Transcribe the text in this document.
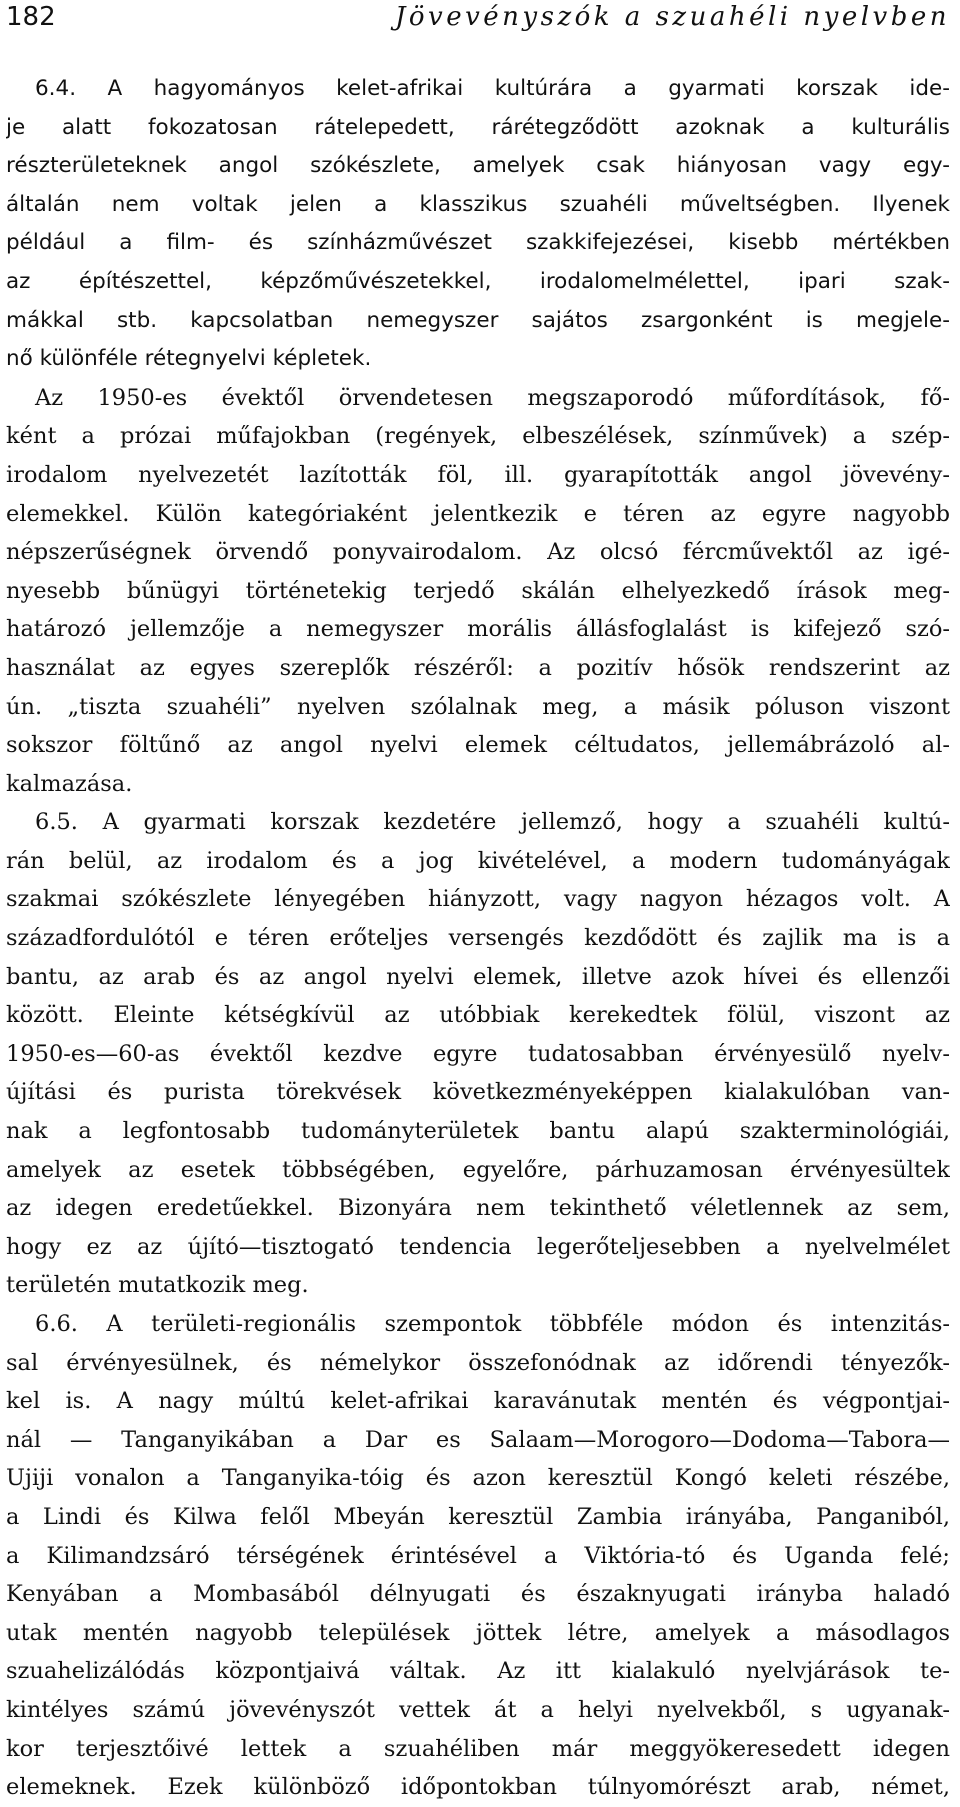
182	Jövevényszók a szuahéli nyelvben
6.4. A hagyományos kelet-afrikai kultúrára a gyarmati korszak ide-
je alatt fokozatosan rátelepedett, rárétegződött azoknak a kulturális
részterületeknek angol szókészlete, amelyek csak hiányosan vagy egy-
általán nem voltak jelen a klasszikus szuahéli műveltségben. Ilyenek
például a film- és színházművészet szakkifejezései, kisebb mértékben
az építészettel, képzőművészetekkel, irodalomelmélettel, ipari szak-
mákkal stb. kapcsolatban nemegyszer sajátos zsargonként is megjele-
nő különféle rétegnyelvi képletek.
Az 1950-es évektől örvendetesen megszaporodó műfordítások, fő-
ként a prózai műfajokban (regények, elbeszélések, színművek) a szép-
irodalom nyelvezetét lazították föl, ill. gyarapították angol jövevény-
elemekkel. Külön kategóriaként jelentkezik e téren az egyre nagyobb
népszerűségnek örvendő ponyvairodalom. Az olcsó fércművektől az igé-
nyesebb bűnügyi történetekig terjedő skálán elhelyezkedő írások meg-
határozó jellemzője a nemegyszer morális állásfoglalást is kifejező szó-
használat az egyes szereplők részéről: a pozitív hősök rendszerint az
ún. „tiszta szuahéli” nyelven szólalnak meg, a másik póluson viszont
sokszor föltűnő az angol nyelvi elemek céltudatos, jellemábrázoló al-
kalmazása.
6.5. A gyarmati korszak kezdetére jellemző, hogy a szuahéli kultú-
rán belül, az irodalom és a jog kivételével, a modern tudományágak
szakmai szókészlete lényegében hiányzott, vagy nagyon hézagos volt. A
századfordulótól e téren erőteljes versengés kezdődött és zajlik ma is a
bantu, az arab és az angol nyelvi elemek, illetve azok hívei és ellenzői
között. Eleinte kétségkívül az utóbbiak kerekedtek fölül, viszont az
1950-es—60-as évektől kezdve egyre tudatosabban érvényesülő nyelv-
újítási és purista törekvések következményeképpen kialakulóban van-
nak a legfontosabb tudományterületek bantu alapú szakterminológiái,
amelyek az esetek többségében, egyelőre, párhuzamosan érvényesültek
az idegen eredetűekkel. Bizonyára nem tekinthető véletlennek az sem,
hogy ez az újító—tisztogató tendencia legerőteljesebben a nyelvelmélet
területén mutatkozik meg.
6.6. A területi-regionális szempontok többféle módon és intenzitás-
sal érvényesülnek, és némelykor összefonódnak az időrendi tényezők-
kel is. A nagy múltú kelet-afrikai karavánutak mentén és végpontjai-
nál — Tanganyikában a Dar es Salaam—Morogoro—Dodoma—Tabora—
Ujiji vonalon a Tanganyika-tóig és azon keresztül Kongó keleti részébe,
a Lindi és Kilwa felől Mbeyán keresztül Zambia irányába, Panganiból,
a Kilimandzsáró térségének érintésével a Viktória-tó és Uganda felé;
Kenyában a Mombasából délnyugati és északnyugati irányba haladó
utak mentén nagyobb települések jöttek létre, amelyek a másodlagos
szuahelizálódás központjaivá váltak. Az itt kialakuló nyelvjárások te-
kintélyes számú jövevényszót vettek át a helyi nyelvekből, s ugyanak-
kor terjesztőivé lettek a szuahéliben már meggyökeresedett idegen
elemeknek. Ezek különböző időpontokban túlnyomórészt arab, német,
